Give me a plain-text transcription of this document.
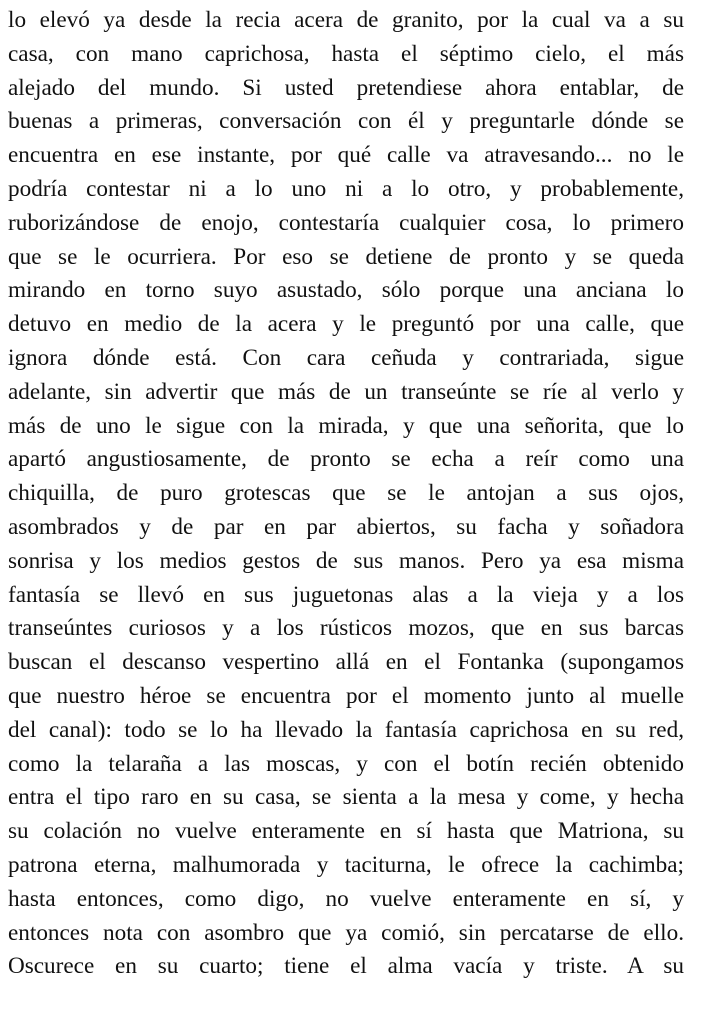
lo elevó ya desde la recia acera de granito, por la cual va a su
casa, con mano caprichosa, hasta el séptimo cielo, el más
alejado del mundo. Si usted pretendiese ahora entablar, de
buenas a primeras, conversación con él y preguntarle dónde se
encuentra en ese instante, por qué calle va atravesando... no le
podría contestar ni a lo uno ni a lo otro, y probablemente,
ruborizándose de enojo, contestaría cualquier cosa, lo primero
que se le ocurriera. Por eso se detiene de pronto y se queda
mirando en torno suyo asustado, sólo porque una anciana lo
detuvo en medio de la acera y le preguntó por una calle, que
ignora dónde está. Con cara ceñuda y contrariada, sigue
adelante, sin advertir que más de un transeúnte se ríe al verlo y
más de uno le sigue con la mirada, y que una señorita, que lo
apartó angustiosamente, de pronto se echa a reír como una
chiquilla, de puro grotescas que se le antojan a sus ojos,
asombrados y de par en par abiertos, su facha y soñadora
sonrisa y los medios gestos de sus manos. Pero ya esa misma
fantasía se llevó en sus juguetonas alas a la vieja y a los
transeúntes curiosos y a los rústicos mozos, que en sus barcas
buscan el descanso vespertino allá en el Fontanka (supongamos
que nuestro héroe se encuentra por el momento junto al muelle
del canal): todo se lo ha llevado la fantasía caprichosa en su red,
como la telaraña a las moscas, y con el botín recién obtenido
entra el tipo raro en su casa, se sienta a la mesa y come, y hecha
su colación no vuelve enteramente en sí hasta que Matriona, su
patrona eterna, malhumorada y taciturna, le ofrece la cachimba;
hasta entonces, como digo, no vuelve enteramente en sí, y
entonces nota con asombro que ya comió, sin percatarse de ello.
Oscurece en su cuarto; tiene el alma vacía y triste. A su
